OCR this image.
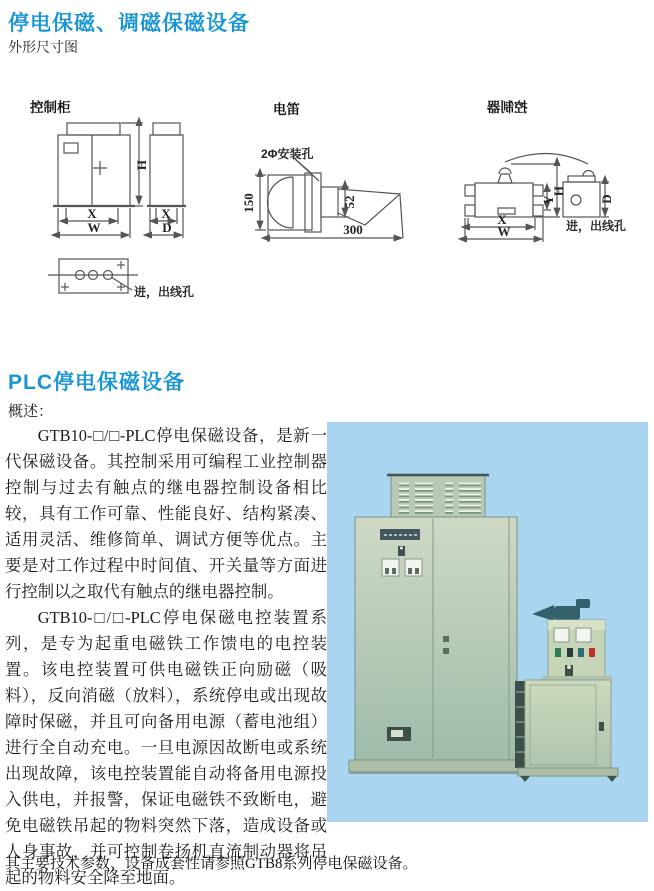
停电保磁、调磁保磁设备
外形尺寸图
控制柜	电笛	控制器
H
X
W
X
D
进，出线孔
2Φ安装孔
150	52
300
Y
H
D
X
W	进，出线孔
PLC停电保磁设备
概述：

GTB10-□/□-PLC停电保磁设备，是新一代保磁设备。其控制采用可编程工业控制器控制与过去有触点的继电器控制设备相比较，具有工作可靠、性能良好、结构紧凑、适用灵活、维修简单、调试方便等优点。主要是对工作过程中时间值、开关量等方面进行控制以之取代有触点的继电器控制。

GTB10-□/□-PLC停电保磁电控装置系列，是专为起重电磁铁工作馈电的电控装置。该电控装置可供电磁铁正向励磁（吸料），反向消磁（放料），系统停电或出现故障时保磁，并且可向备用电源（蓄电池组）进行全自动充电。一旦电源因故断电或系统出现故障，该电控装置能自动将备用电源投入供电，并报警，保证电磁铁不致断电，避免电磁铁吊起的物料突然下落，造成设备或人身事故，并可控制卷扬机直流制动器将吊起的物料安全降至地面。

其主要技术参数、设备成套性请参照GTB8系列停电保磁设备。
